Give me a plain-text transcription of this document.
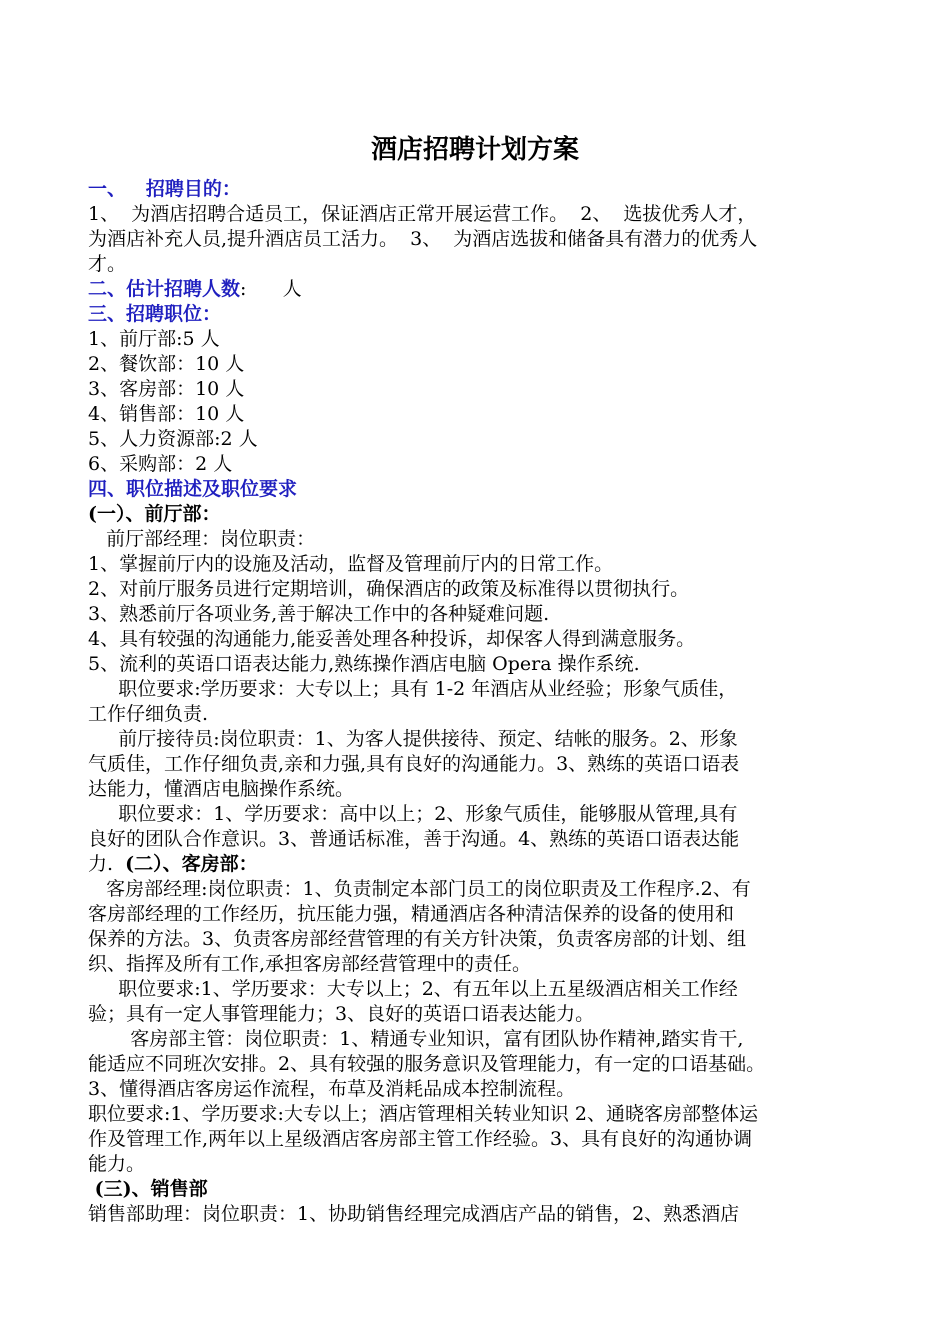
酒店招聘计划方案
一、   招聘目的：
1、  为酒店招聘合适员工，保证酒店正常开展运营工作。  2、  选拔优秀人才，
为酒店补充人员,提升酒店员工活力。  3、  为酒店选拔和储备具有潜力的优秀人
才。
二、估计招聘人数:      人
三、招聘职位：
1、前厅部:5 人
2、餐饮部：10 人
3、客房部：10 人
4、销售部：10 人
5、人力资源部:2 人
6、采购部：2 人
四、职位描述及职位要求
(一）、前厅部：
前厅部经理：岗位职责：
1、掌握前厅内的设施及活动，监督及管理前厅内的日常工作。
2、对前厅服务员进行定期培训，确保酒店的政策及标准得以贯彻执行。
3、熟悉前厅各项业务,善于解决工作中的各种疑难问题.
4、具有较强的沟通能力,能妥善处理各种投诉，却保客人得到满意服务。
5、流利的英语口语表达能力,熟练操作酒店电脑 Opera 操作系统.
职位要求:学历要求：大专以上；具有 1-2 年酒店从业经验；形象气质佳，
工作仔细负责.
前厅接待员:岗位职责：1、为客人提供接待、预定、结帐的服务。2、形象
气质佳，工作仔细负责,亲和力强,具有良好的沟通能力。3、熟练的英语口语表
达能力，懂酒店电脑操作系统。
职位要求：1、学历要求：高中以上；2、形象气质佳，能够服从管理,具有
良好的团队合作意识。3、普通话标准，善于沟通。4、熟练的英语口语表达能
力.  (二）、客房部：
客房部经理:岗位职责：1、负责制定本部门员工的岗位职责及工作程序.2、有
客房部经理的工作经历，抗压能力强，精通酒店各种清洁保养的设备的使用和
保养的方法。3、负责客房部经营管理的有关方针决策，负责客房部的计划、组
织、指挥及所有工作,承担客房部经营管理中的责任。
职位要求:1、学历要求：大专以上；2、有五年以上五星级酒店相关工作经
验；具有一定人事管理能力；3、良好的英语口语表达能力。
客房部主管：岗位职责：1、精通专业知识，富有团队协作精神,踏实肯干,
能适应不同班次安排。2、具有较强的服务意识及管理能力，有一定的口语基础。
3、懂得酒店客房运作流程，布草及消耗品成本控制流程。
职位要求:1、学历要求:大专以上；酒店管理相关转业知识 2、通晓客房部整体运
作及管理工作,两年以上星级酒店客房部主管工作经验。3、具有良好的沟通协调
能力。
(三)、销售部
销售部助理：岗位职责：1、协助销售经理完成酒店产品的销售，2、熟悉酒店
